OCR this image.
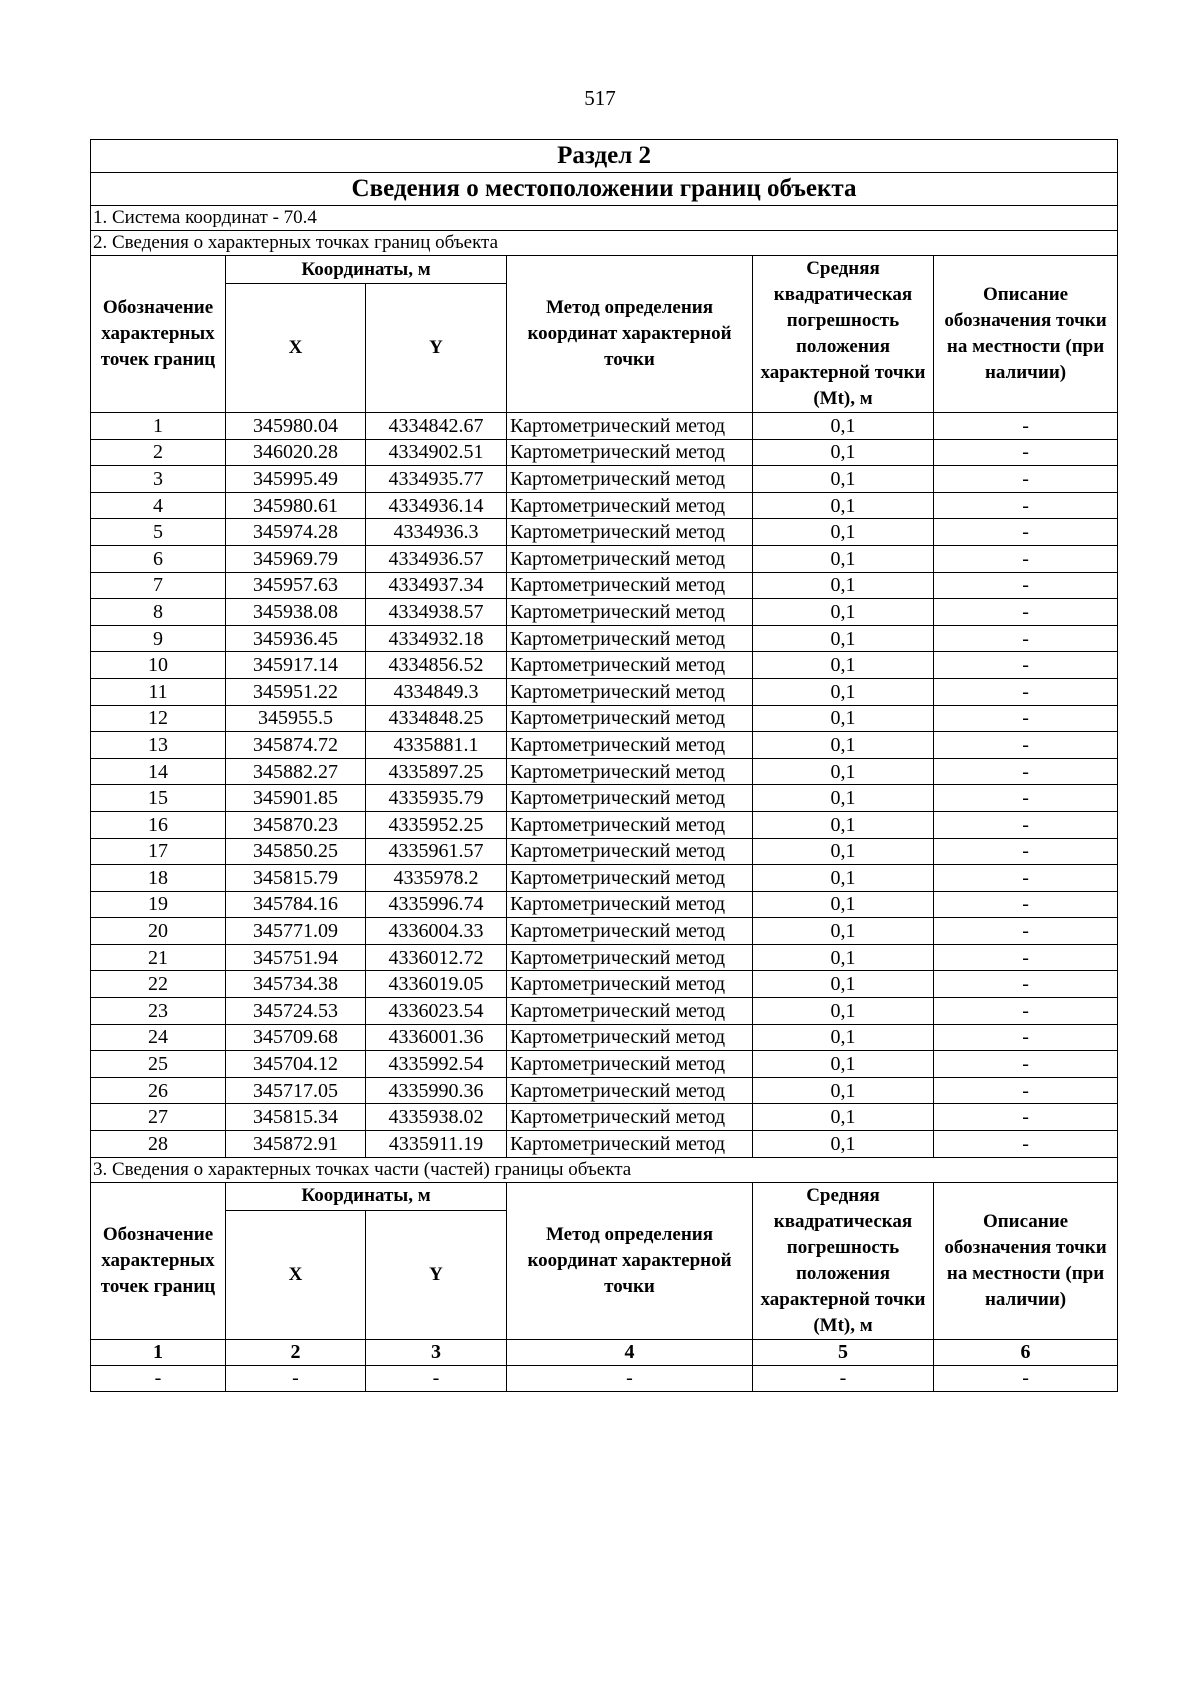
517
Раздел 2					
Сведения о местоположении границ объекта					
1. Система координат - 70.4					
2. Сведения о характерных точках границ объекта					
Обозначение характерных точек границ	Координаты, м		Метод определения координат характерной точки	Средняя квадратическая погрешность положения характерной точки (Mt), м	Описание обозначения точки на местности (при наличии)
	X	Y			
1	345980.04	4334842.67	Картометрический метод	0,1	-
2	346020.28	4334902.51	Картометрический метод	0,1	-
3	345995.49	4334935.77	Картометрический метод	0,1	-
4	345980.61	4334936.14	Картометрический метод	0,1	-
5	345974.28	4334936.3	Картометрический метод	0,1	-
6	345969.79	4334936.57	Картометрический метод	0,1	-
7	345957.63	4334937.34	Картометрический метод	0,1	-
8	345938.08	4334938.57	Картометрический метод	0,1	-
9	345936.45	4334932.18	Картометрический метод	0,1	-
10	345917.14	4334856.52	Картометрический метод	0,1	-
11	345951.22	4334849.3	Картометрический метод	0,1	-
12	345955.5	4334848.25	Картометрический метод	0,1	-
13	345874.72	4335881.1	Картометрический метод	0,1	-
14	345882.27	4335897.25	Картометрический метод	0,1	-
15	345901.85	4335935.79	Картометрический метод	0,1	-
16	345870.23	4335952.25	Картометрический метод	0,1	-
17	345850.25	4335961.57	Картометрический метод	0,1	-
18	345815.79	4335978.2	Картометрический метод	0,1	-
19	345784.16	4335996.74	Картометрический метод	0,1	-
20	345771.09	4336004.33	Картометрический метод	0,1	-
21	345751.94	4336012.72	Картометрический метод	0,1	-
22	345734.38	4336019.05	Картометрический метод	0,1	-
23	345724.53	4336023.54	Картометрический метод	0,1	-
24	345709.68	4336001.36	Картометрический метод	0,1	-
25	345704.12	4335992.54	Картометрический метод	0,1	-
26	345717.05	4335990.36	Картометрический метод	0,1	-
27	345815.34	4335938.02	Картометрический метод	0,1	-
28	345872.91	4335911.19	Картометрический метод	0,1	-
3. Сведения о характерных точках части (частей) границы объекта					
Обозначение характерных точек границ	Координаты, м		Метод определения координат характерной точки	Средняя квадратическая погрешность положения характерной точки (Mt), м	Описание обозначения точки на местности (при наличии)
	X	Y			
1	2	3	4	5	6
-	-	-	-	-	-
